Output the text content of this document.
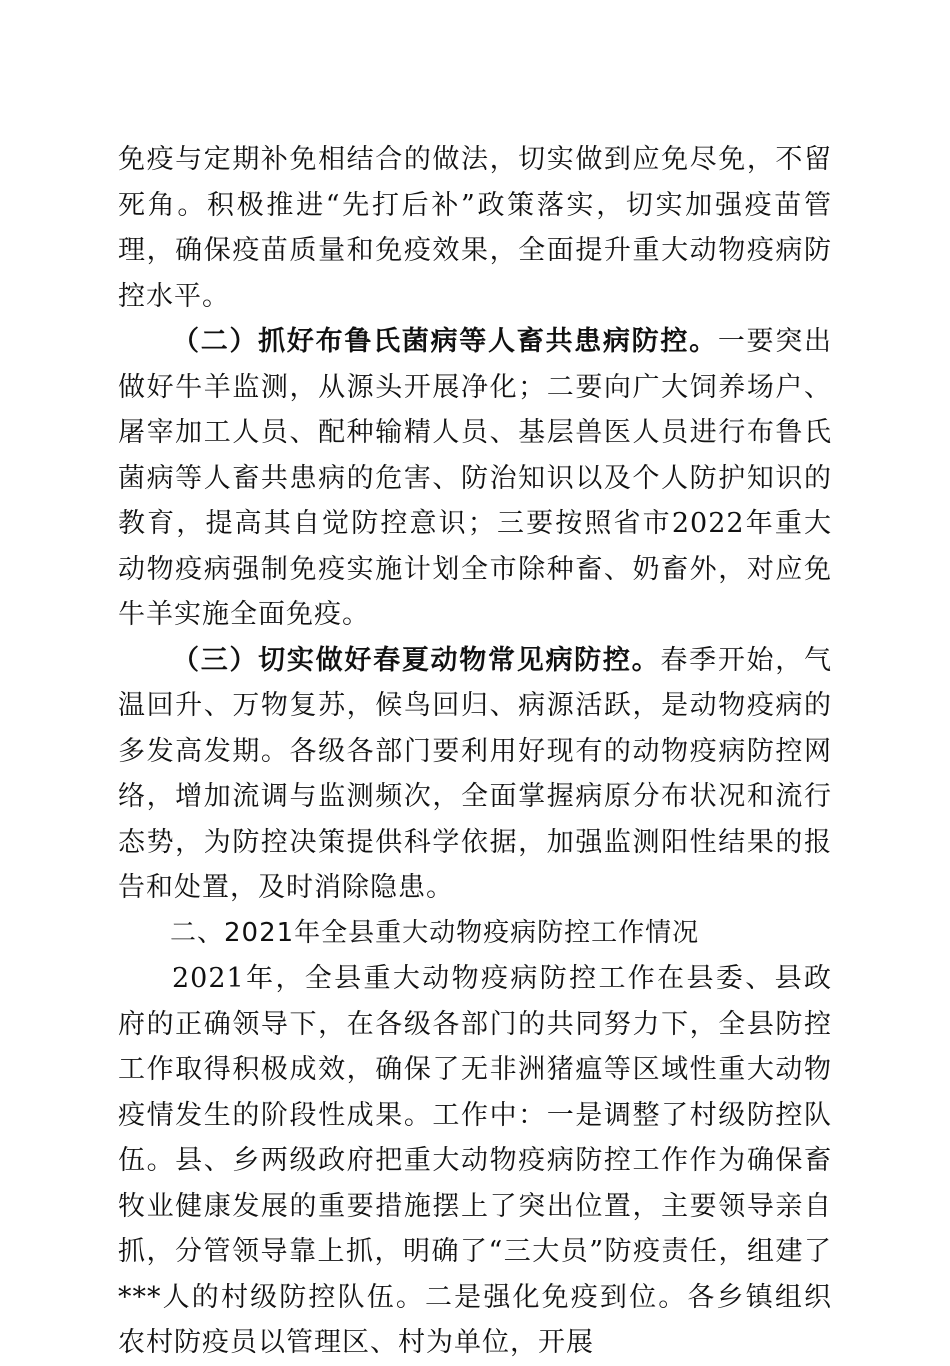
免疫与定期补免相结合的做法，切实做到应免尽免，不留死角。积极推进“先打后补”政策落实，切实加强疫苗管理，确保疫苗质量和免疫效果，全面提升重大动物疫病防控水平。

（二）抓好布鲁氏菌病等人畜共患病防控。一要突出做好牛羊监测，从源头开展净化；二要向广大饲养场户、屠宰加工人员、配种输精人员、基层兽医人员进行布鲁氏菌病等人畜共患病的危害、防治知识以及个人防护知识的教育，提高其自觉防控意识；三要按照省市2022年重大动物疫病强制免疫实施计划全市除种畜、奶畜外，对应免牛羊实施全面免疫。

（三）切实做好春夏动物常见病防控。春季开始，气温回升、万物复苏，候鸟回归、病源活跃，是动物疫病的多发高发期。各级各部门要利用好现有的动物疫病防控网络，增加流调与监测频次，全面掌握病原分布状况和流行态势，为防控决策提供科学依据，加强监测阳性结果的报告和处置，及时消除隐患。

二、2021年全县重大动物疫病防控工作情况

2021年，全县重大动物疫病防控工作在县委、县政府的正确领导下，在各级各部门的共同努力下，全县防控工作取得积极成效，确保了无非洲猪瘟等区域性重大动物疫情发生的阶段性成果。工作中：一是调整了村级防控队伍。县、乡两级政府把重大动物疫病防控工作作为确保畜牧业健康发展的重要措施摆上了突出位置，主要领导亲自抓，分管领导靠上抓，明确了“三大员”防疫责任，组建了***人的村级防控队伍。二是强化免疫到位。各乡镇组织农村防疫员以管理区、村为单位，开展
